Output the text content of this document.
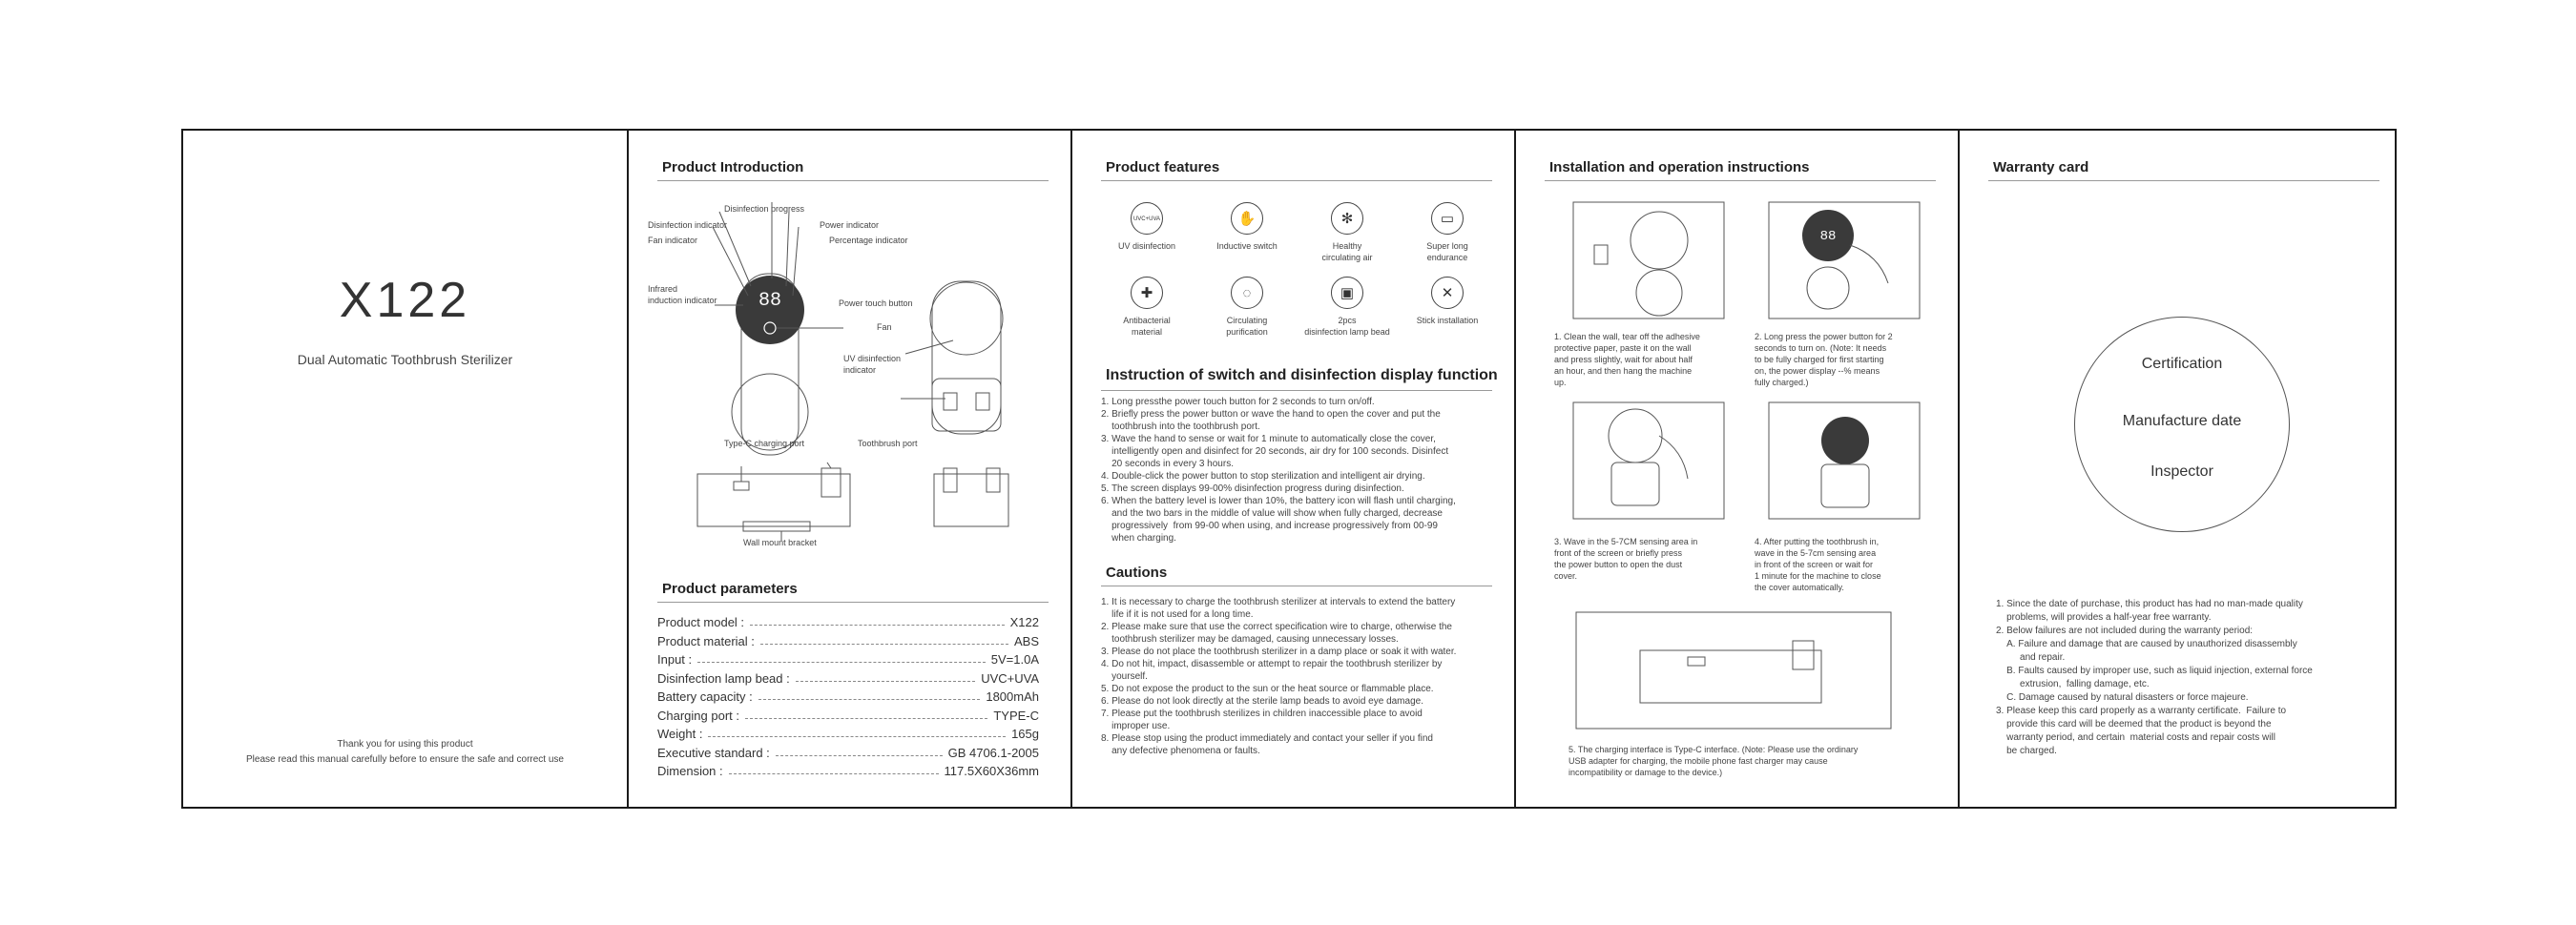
X122
Dual Automatic Toothbrush Sterilizer
Thank you for using this product
Please read this manual carefully before to ensure the safe and correct use
Product Introduction
88
Disinfection progress
Disinfection indicator	Power indicator
Fan indicator	Percentage indicator
Infrared
induction indicator	Power touch button
Fan
UV disinfection
indicator
Type-C charging port	Toothbrush port
Wall mount bracket
Product parameters
Product model :	X122
Product material :	ABS
Input :	5V=1.0A
Disinfection lamp bead :	UVC+UVA
Battery capacity :	1800mAh
Charging port :	TYPE-C
Weight :	165g
Executive standard :	GB 4706.1-2005
Dimension :	117.5X60X36mm
Product features
UVC+UVA
UV disinfection
✋
Inductive switch
✻
Healthy
circulating air
▭
Super long
endurance
✚
Antibacterial
material
◌
Circulating
purification
▣
2pcs
disinfection lamp bead
✕
Stick installation
Instruction of switch and disinfection display function
1. Long pressthe power touch button for 2 seconds to turn on/off.
2. Briefly press the power button or wave the hand to open the cover and put the
toothbrush into the toothbrush port.
3. Wave the hand to sense or wait for 1 minute to automatically close the cover,
intelligently open and disinfect for 20 seconds, air dry for 100 seconds. Disinfect
20 seconds in every 3 hours.
4. Double-click the power button to stop sterilization and intelligent air drying.
5. The screen displays 99-00% disinfection progress during disinfection.
6. When the battery level is lower than 10%, the battery icon will flash until charging,
and the two bars in the middle of value will show when fully charged, decrease
progressively  from 99-00 when using, and increase progressively from 00-99
when charging.
Cautions
1. It is necessary to charge the toothbrush sterilizer at intervals to extend the battery
life if it is not used for a long time.
2. Please make sure that use the correct specification wire to charge, otherwise the
toothbrush sterilizer may be damaged, causing unnecessary losses.
3. Please do not place the toothbrush sterilizer in a damp place or soak it with water.
4. Do not hit, impact, disassemble or attempt to repair the toothbrush sterilizer by
yourself.
5. Do not expose the product to the sun or the heat source or flammable place.
6. Please do not look directly at the sterile lamp beads to avoid eye damage.
7. Please put the toothbrush sterilizes in children inaccessible place to avoid
improper use.
8. Please stop using the product immediately and contact your seller if you find
any defective phenomena or faults.
Installation and operation instructions
88
1. Clean the wall, tear off the adhesive
protective paper, paste it on the wall
and press slightly, wait for about half
an hour, and then hang the machine
up.
2. Long press the power button for 2
seconds to turn on. (Note: It needs
to be fully charged for first starting
on, the power display --% means
fully charged.)
3. Wave in the 5-7CM sensing area in
front of the screen or briefly press
the power button to open the dust
cover.
4. After putting the toothbrush in,
wave in the 5-7cm sensing area
in front of the screen or wait for
1 minute for the machine to close
the cover automatically.
5. The charging interface is Type-C interface. (Note: Please use the ordinary
USB adapter for charging, the mobile phone fast charger may cause
incompatibility or damage to the device.)
Warranty card
Certification
Manufacture date
Inspector
1. Since the date of purchase, this product has had no man-made quality
problems, will provides a half-year free warranty.
2. Below failures are not included during the warranty period:
A. Failure and damage that are caused by unauthorized disassembly
and repair.
B. Faults caused by improper use, such as liquid injection, external force
extrusion,  falling damage, etc.
C. Damage caused by natural disasters or force majeure.
3. Please keep this card properly as a warranty certificate.  Failure to
provide this card will be deemed that the product is beyond the
warranty period, and certain  material costs and repair costs will
be charged.
